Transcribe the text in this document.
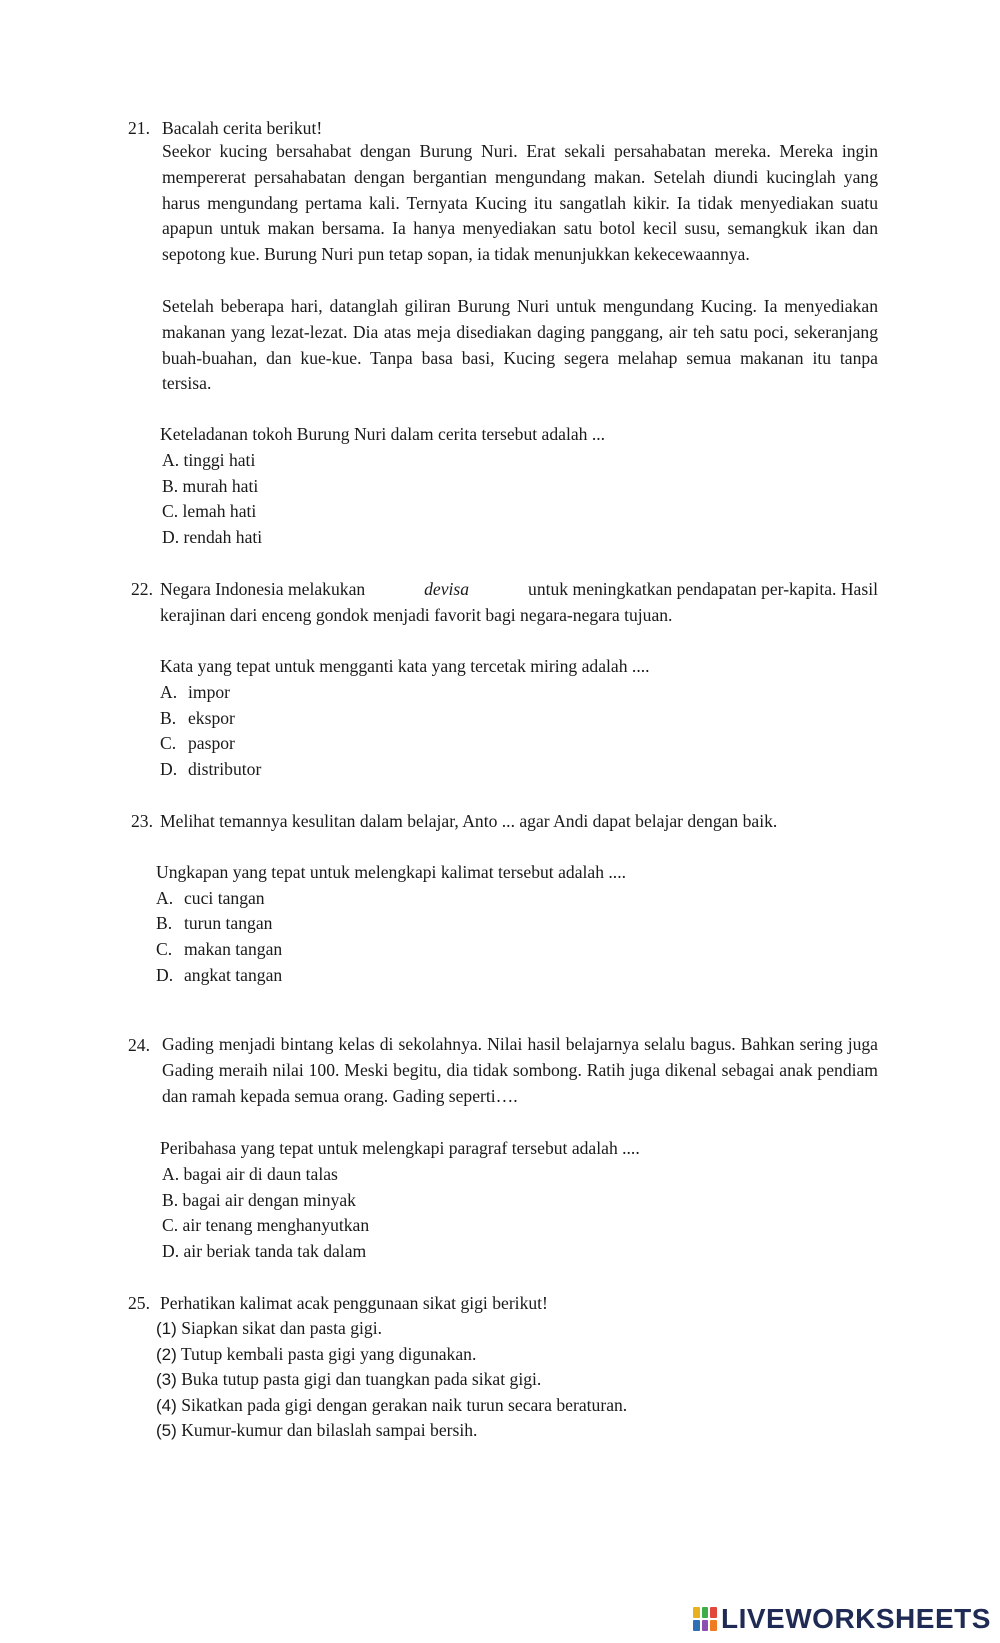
21. Bacalah cerita berikut!
Seekor kucing bersahabat dengan Burung Nuri. Erat sekali persahabatan mereka. Mereka ingin mempererat persahabatan dengan bergantian mengundang makan. Setelah diundi kucinglah yang harus mengundang pertama kali. Ternyata Kucing itu sangatlah kikir. Ia tidak menyediakan suatu apapun untuk makan bersama. Ia hanya menyediakan satu botol kecil susu, semangkuk ikan dan sepotong kue. Burung Nuri pun tetap sopan, ia tidak menunjukkan kekecewaannya.
Setelah beberapa hari, datanglah giliran Burung Nuri untuk mengundang Kucing. Ia menyediakan makanan yang lezat-lezat. Dia atas meja disediakan daging panggang, air teh satu poci, sekeranjang buah-buahan, dan kue-kue. Tanpa basa basi, Kucing segera melahap semua makanan itu tanpa tersisa.
Keteladanan tokoh Burung Nuri dalam cerita tersebut adalah ...
A. tinggi hati
B. murah hati
C. lemah hati
D. rendah hati
22. Negara Indonesia melakukan	devisa	untuk meningkatkan pendapatan per-kapita. Hasil
kerajinan dari enceng gondok menjadi favorit bagi negara-negara tujuan.
Kata yang tepat untuk mengganti kata yang tercetak miring adalah ....
A. impor
B. ekspor
C. paspor
D. distributor
23. Melihat temannya kesulitan dalam belajar, Anto ... agar Andi dapat belajar dengan baik.
Ungkapan yang tepat untuk melengkapi kalimat tersebut adalah ....
A. cuci tangan
B. turun tangan
C. makan tangan
D. angkat tangan
24. Gading menjadi bintang kelas di sekolahnya. Nilai hasil belajarnya selalu bagus. Bahkan sering juga Gading meraih nilai 100. Meski begitu, dia tidak sombong. Ratih juga dikenal sebagai anak pendiam dan ramah kepada semua orang. Gading seperti….
Peribahasa yang tepat untuk melengkapi paragraf tersebut adalah ....
A. bagai air di daun talas
B. bagai air dengan minyak
C. air tenang menghanyutkan
D. air beriak tanda tak dalam
25. Perhatikan kalimat acak penggunaan sikat gigi berikut!
(1) Siapkan sikat dan pasta gigi.
(2) Tutup kembali pasta gigi yang digunakan.
(3) Buka tutup pasta gigi dan tuangkan pada sikat gigi.
(4) Sikatkan pada gigi dengan gerakan naik turun secara beraturan.
(5) Kumur-kumur dan bilaslah sampai bersih.
LIVEWORKSHEETS
